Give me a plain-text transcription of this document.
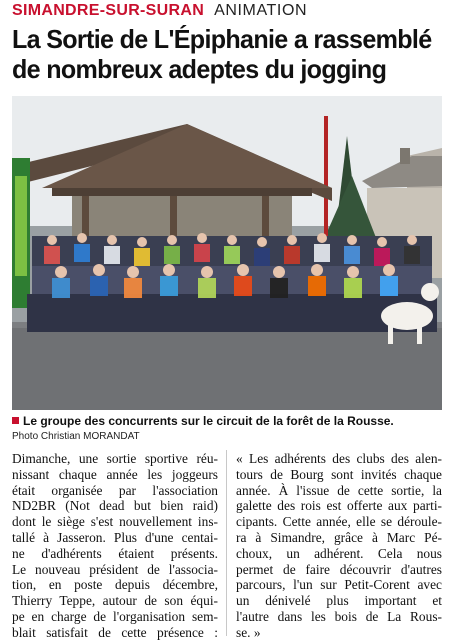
SIMANDRE-SUR-SURAN ANIMATION
La Sortie de L'Épiphanie a rassemblé
de nombreux adeptes du jogging
Le groupe des concurrents sur le circuit de la forêt de la Rousse.
Photo Christian MORANDAT
Dimanche, une sortie sportive réu-
nissant chaque année les joggeurs
était organisée par l'association
ND2BR (Not dead but bien raid)
dont le siège s'est nouvellement ins-
tallé à Jasseron. Plus d'une centai-
ne d'adhérents étaient présents.
Le nouveau président de l'associa-
tion, en poste depuis décembre,
Thierry Teppe, autour de son équi-
pe en charge de l'organisation sem-
blait satisfait de cette présence :
« Les adhérents des clubs des alen-
tours de Bourg sont invités chaque
année. À l'issue de cette sortie, la
galette des rois est offerte aux parti-
cipants. Cette année, elle se déroule-
ra à Simandre, grâce à Marc Pé-
choux, un adhérent. Cela nous
permet de faire découvrir d'autres
parcours, l'un sur Petit-Corent avec
un dénivelé plus important et
l'autre dans les bois de La Rous-
se. »
